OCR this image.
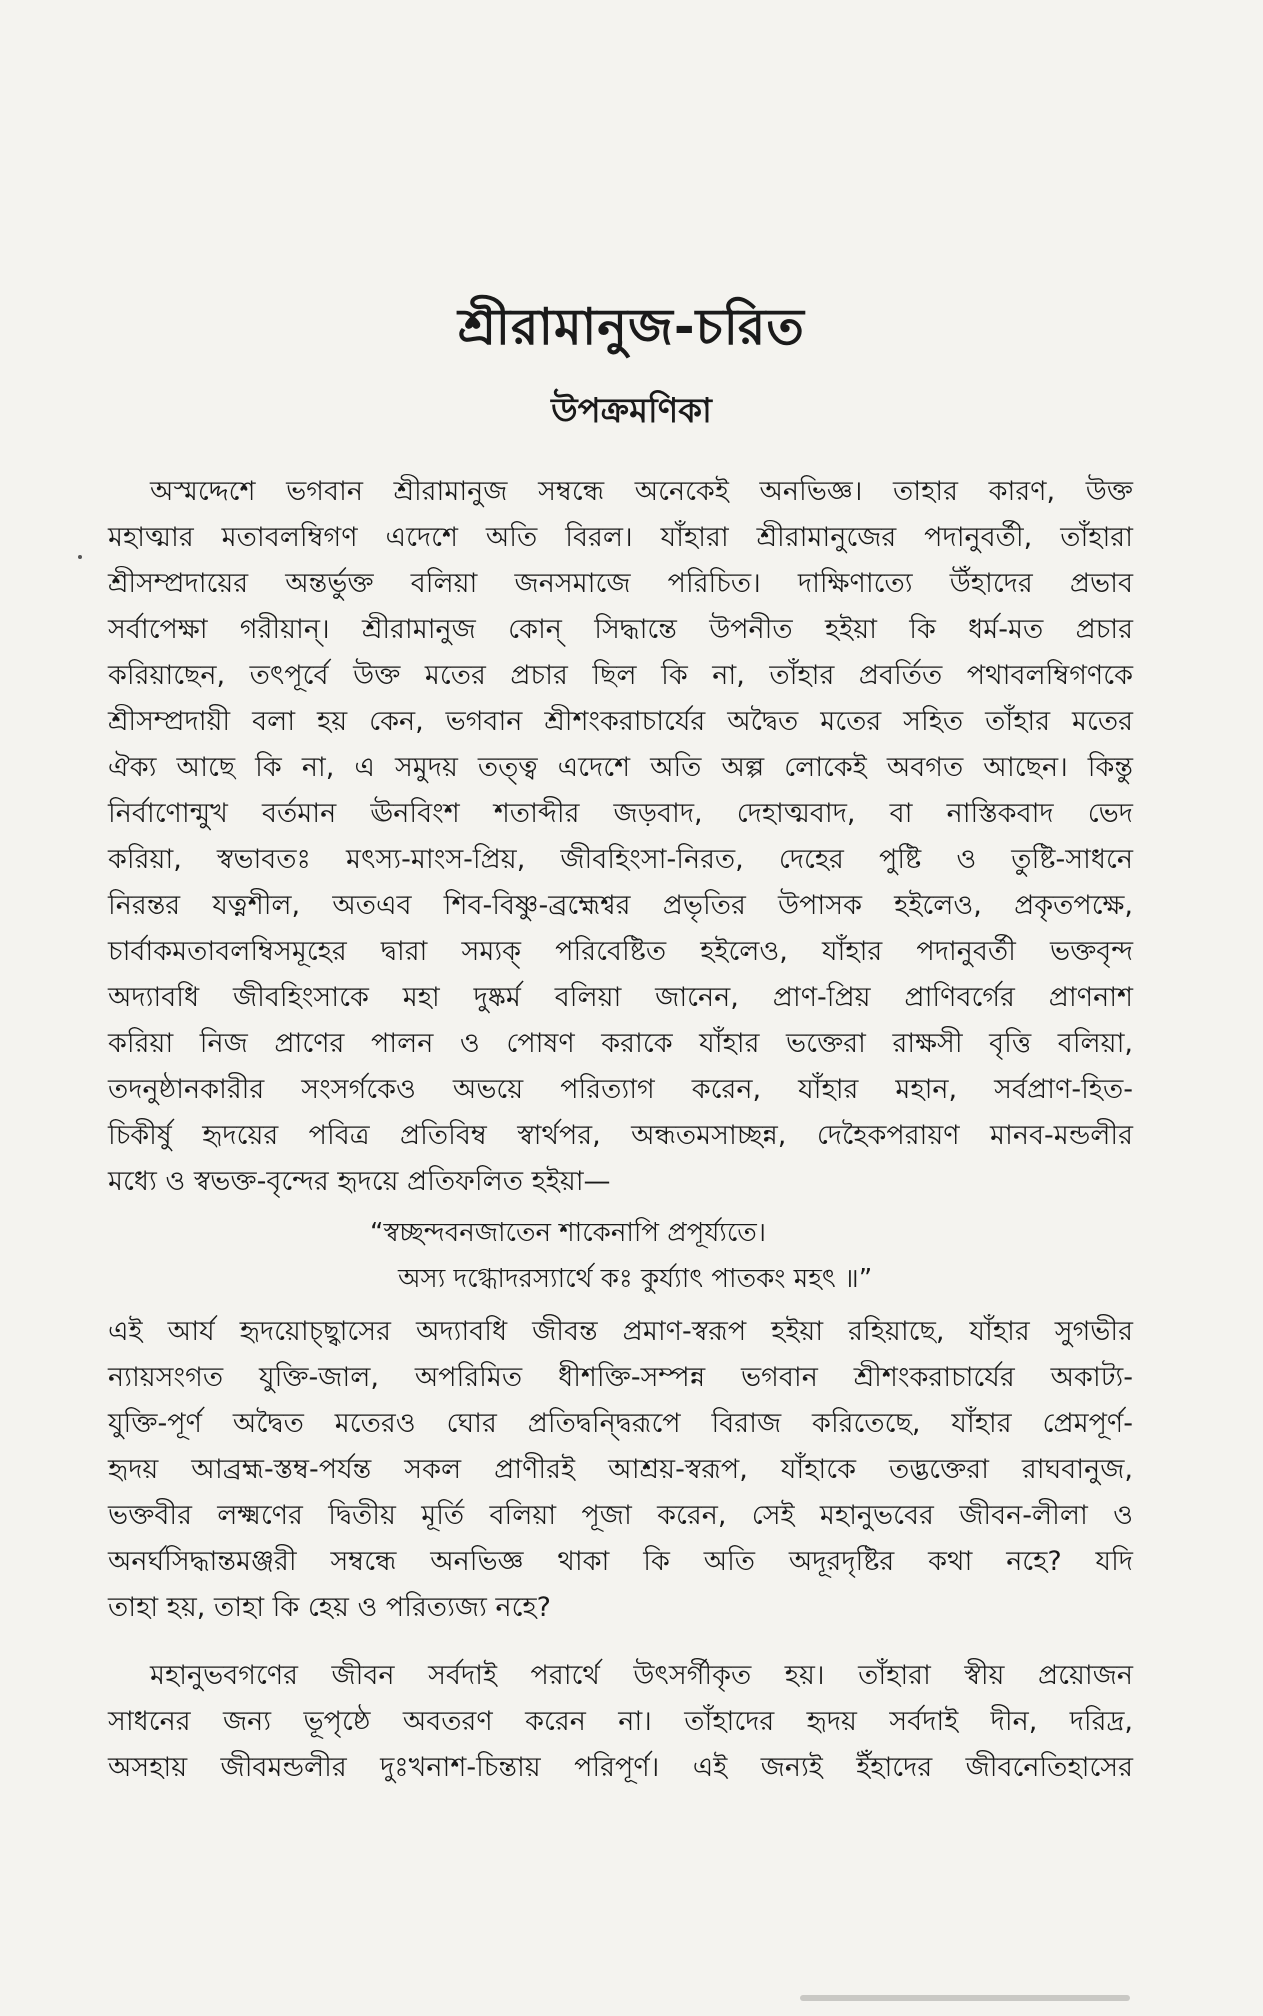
শ্রীরামানুজ-চরিত
উপক্রমণিকা
অস্মদ্দেশে ভগবান শ্রীরামানুজ সম্বন্ধে অনেকেই অনভিজ্ঞ। তাহার কারণ, উক্ত
মহাত্মার মতাবলম্বিগণ এদেশে অতি বিরল। যাঁহারা শ্রীরামানুজের পদানুবর্তী, তাঁহারা
শ্রীসম্প্রদায়ের অন্তর্ভুক্ত বলিয়া জনসমাজে পরিচিত। দাক্ষিণাত্যে উঁহাদের প্রভাব
সর্বাপেক্ষা গরীয়ান্‌। শ্রীরামানুজ কোন্‌ সিদ্ধান্তে উপনীত হইয়া কি ধর্ম-মত প্রচার
করিয়াছেন, তৎপূর্বে উক্ত মতের প্রচার ছিল কি না, তাঁহার প্রবর্তিত পথাবলম্বিগণকে
শ্রীসম্প্রদায়ী বলা হয় কেন, ভগবান শ্রীশংকরাচার্যের অদ্বৈত মতের সহিত তাঁহার মতের
ঐক্য আছে কি না, এ সমুদয় তত্ত্ব এদেশে অতি অল্প লোকেই অবগত আছেন। কিন্তু
নির্বাণোন্মুখ বর্তমান ঊনবিংশ শতাব্দীর জড়বাদ, দেহাত্মবাদ, বা নাস্তিকবাদ ভেদ
করিয়া, স্বভাবতঃ মৎস্য-মাংস-প্রিয়, জীবহিংসা-নিরত, দেহের পুষ্টি ও তুষ্টি-সাধনে
নিরন্তর যত্নশীল, অতএব শিব-বিষ্ণু-ব্রহ্মেশ্বর প্রভৃতির উপাসক হইলেও, প্রকৃতপক্ষে,
চার্বাকমতাবলম্বিসমূহের দ্বারা সম্যক্‌ পরিবেষ্টিত হইলেও, যাঁহার পদানুবর্তী ভক্তবৃন্দ
অদ্যাবধি জীবহিংসাকে মহা দুষ্কর্ম বলিয়া জানেন, প্রাণ-প্রিয় প্রাণিবর্গের প্রাণনাশ
করিয়া নিজ প্রাণের পালন ও পোষণ করাকে যাঁহার ভক্তেরা রাক্ষসী বৃত্তি বলিয়া,
তদনুষ্ঠানকারীর সংসর্গকেও অভয়ে পরিত্যাগ করেন, যাঁহার মহান, সর্বপ্রাণ-হিত-
চিকীর্ষু হৃদয়ের পবিত্র প্রতিবিম্ব স্বার্থপর, অন্ধতমসাচ্ছন্ন, দেহৈকপরায়ণ মানব-মন্ডলীর
মধ্যে ও স্বভক্ত-বৃন্দের হৃদয়ে প্রতিফলিত হইয়া—
“স্বচ্ছন্দবনজাতেন শাকেনাপি প্রপূর্য্যতে।
অস্য দগ্ধোদরস্যার্থে কঃ কুর্য্যাৎ পাতকং মহৎ ॥”
এই আর্য হৃদয়োচ্ছ্বাসের অদ্যাবধি জীবন্ত প্রমাণ-স্বরূপ হইয়া রহিয়াছে, যাঁহার সুগভীর
ন্যায়সংগত যুক্তি-জাল, অপরিমিত ধীশক্তি-সম্পন্ন ভগবান শ্রীশংকরাচার্যের অকাট্য-
যুক্তি-পূর্ণ অদ্বৈত মতেরও ঘোর প্রতিদ্বন্দ্বিরূপে বিরাজ করিতেছে, যাঁহার প্রেমপূর্ণ-
হৃদয় আব্রহ্ম-স্তম্ব-পর্যন্ত সকল প্রাণীরই আশ্রয়-স্বরূপ, যাঁহাকে তদ্ভক্তেরা রাঘবানুজ,
ভক্তবীর লক্ষ্মণের দ্বিতীয় মূর্তি বলিয়া পূজা করেন, সেই মহানুভবের জীবন-লীলা ও
অনর্ঘসিদ্ধান্তমঞ্জরী সম্বন্ধে অনভিজ্ঞ থাকা কি অতি অদূরদৃষ্টির কথা নহে? যদি
তাহা হয়, তাহা কি হেয় ও পরিত্যজ্য নহে?
মহানুভবগণের জীবন সর্বদাই পরার্থে উৎসর্গীকৃত হয়। তাঁহারা স্বীয় প্রয়োজন
সাধনের জন্য ভূপৃষ্ঠে অবতরণ করেন না। তাঁহাদের হৃদয় সর্বদাই দীন, দরিদ্র,
অসহায় জীবমন্ডলীর দুঃখনাশ-চিন্তায় পরিপূর্ণ। এই জন্যই ইঁহাদের জীবনেতিহাসের
